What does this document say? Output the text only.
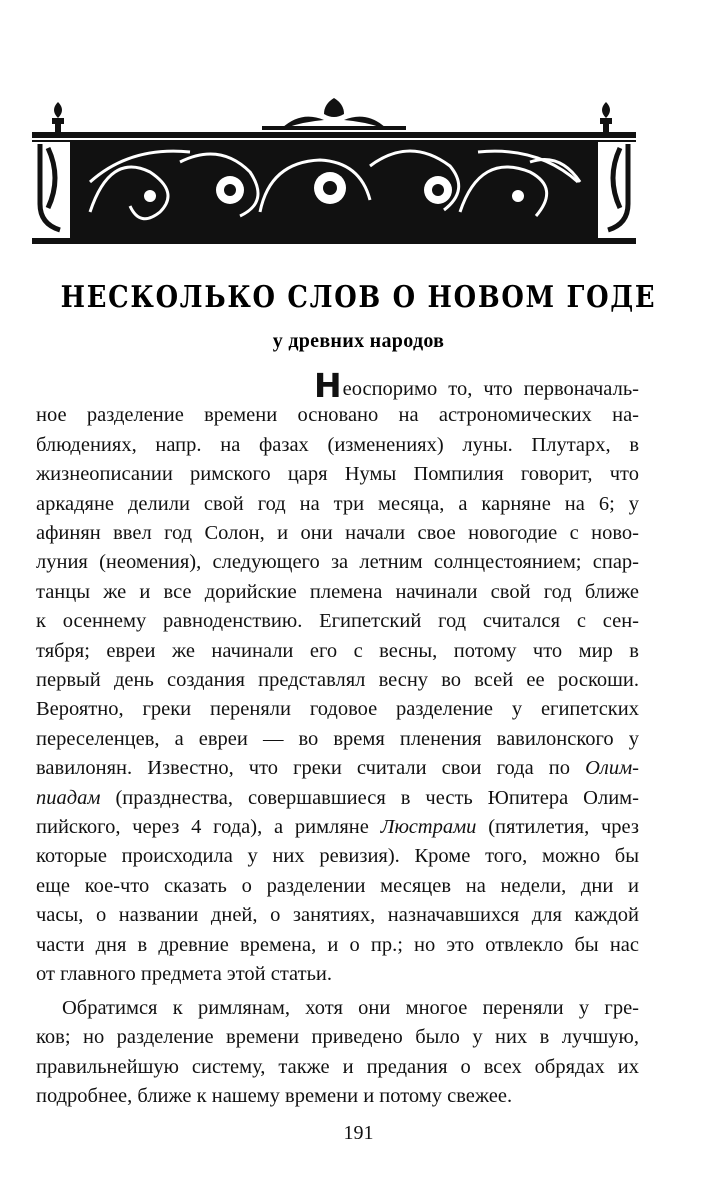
НЕСКОЛЬКО СЛОВ О НОВОМ ГОДЕ
у древних народов
Неоспоримо то, что первоначаль-
ное разделение времени основано на астрономических на-
блюдениях, напр. на фазах (изменениях) луны. Плутарх, в
жизнеописании римского царя Нумы Помпилия говорит, что
аркадяне делили свой год на три месяца, а карняне на 6; у
афинян ввел год Солон, и они начали свое новогодие с ново-
луния (неомения), следующего за летним солнцестоянием; спар-
танцы же и все дорийские племена начинали свой год ближе
к осеннему равноденствию. Египетский год считался с сен-
тября; евреи же начинали его с весны, потому что мир в
первый день создания представлял весну во всей ее роскоши.
Вероятно, греки переняли годовое разделение у египетских
переселенцев, а евреи — во время пленения вавилонского у
вавилонян. Известно, что греки считали свои года по Олим-
пиадам (празднества, совершавшиеся в честь Юпитера Олим-
пийского, через 4 года), а римляне Люстрами (пятилетия, чрез
которые происходила у них ревизия). Кроме того, можно бы
еще кое-что сказать о разделении месяцев на недели, дни и
часы, о названии дней, о занятиях, назначавшихся для каждой
части дня в древние времена, и о пр.; но это отвлекло бы нас
от главного предмета этой статьи.
Обратимся к римлянам, хотя они многое переняли у гре-
ков; но разделение времени приведено было у них в лучшую,
правильнейшую систему, также и предания о всех обрядах их
подробнее, ближе к нашему времени и потому свежее.
191
